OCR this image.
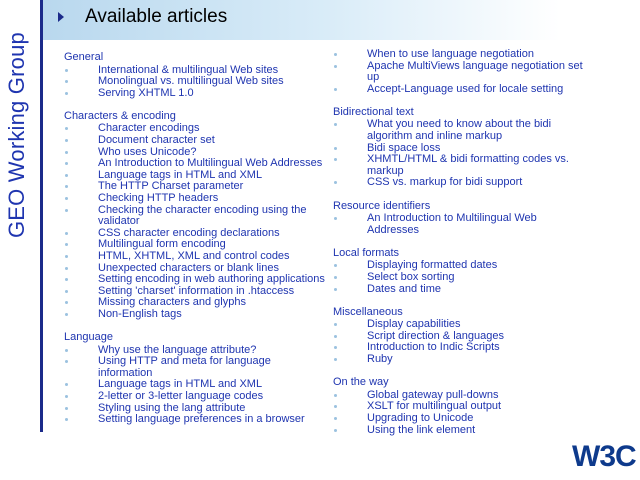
GEO Working Group
Available articles
General
International & multilingual Web sites
Monolingual vs. multilingual Web sites
Serving XHTML 1.0
Characters & encoding
Character encodings
Document character set
Who uses Unicode?
An Introduction to Multilingual Web Addresses
Language tags in HTML and XML
The HTTP Charset parameter
Checking HTTP headers
Checking the character encoding using the validator
CSS character encoding declarations
Multilingual form encoding
HTML, XHTML, XML and control codes
Unexpected characters or blank lines
Setting encoding in web authoring applications
Setting 'charset' information in .htaccess
Missing characters and glyphs
Non-English tags
Language
Why use the language attribute?
Using HTTP and meta for language information
Language tags in HTML and XML
2-letter or 3-letter language codes
Styling using the lang attribute
Setting language preferences in a browser
When to use language negotiation
Apache MultiViews language negotiation set up
Accept-Language used for locale setting
Bidirectional text
What you need to know about the bidi algorithm and inline markup
Bidi space loss
XHMTL/HTML & bidi formatting codes vs. markup
CSS vs. markup for bidi support
Resource identifiers
An Introduction to Multilingual Web Addresses
Local formats
Displaying formatted dates
Select box sorting
Dates and time
Miscellaneous
Display capabilities
Script direction & languages
Introduction to Indic Scripts
Ruby
On the way
Global gateway pull-downs
XSLT for multilingual output
Upgrading to Unicode
Using the link element
W3C
